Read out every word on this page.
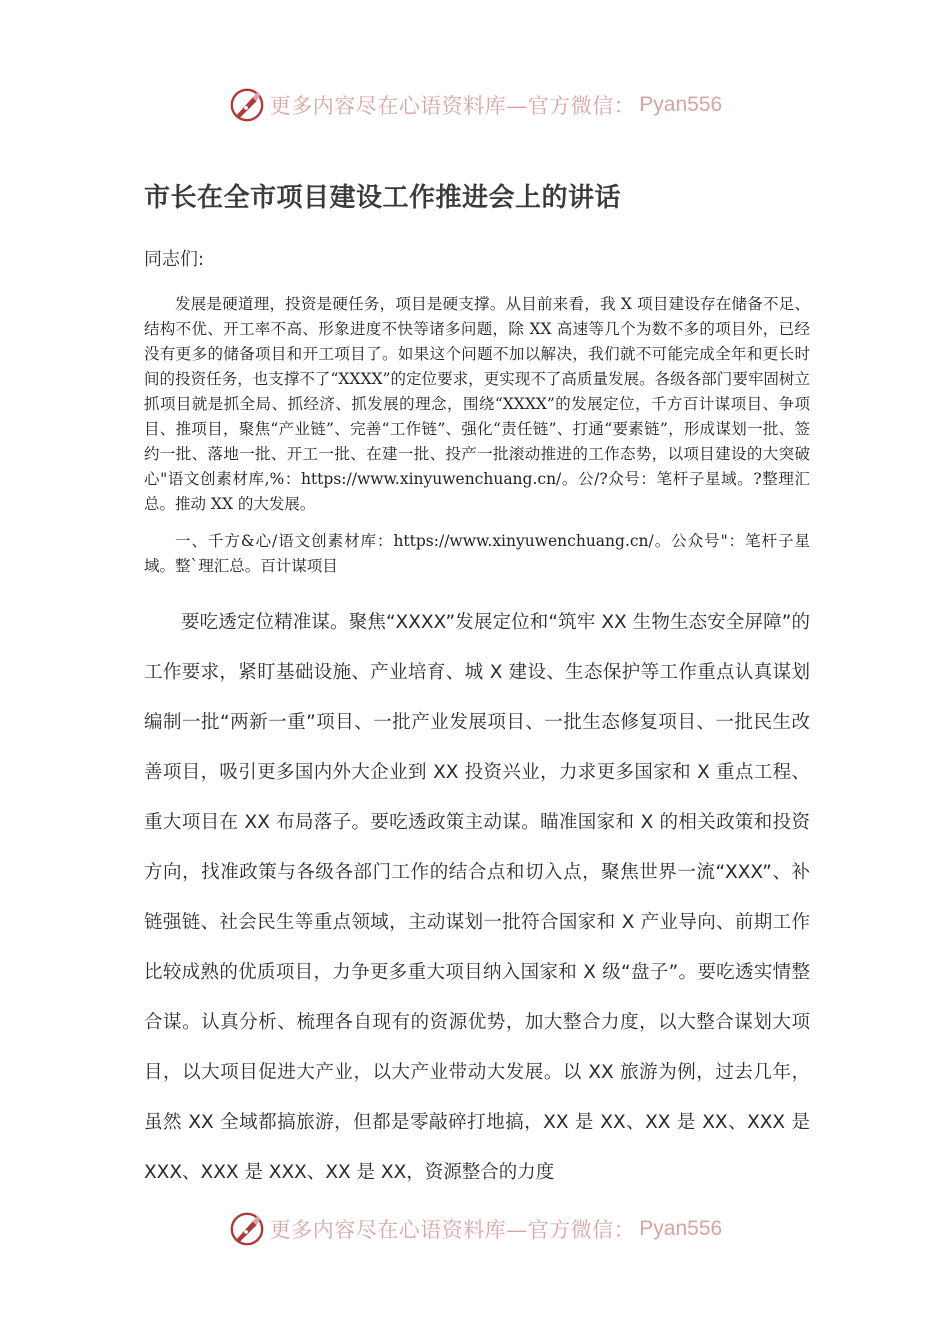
更多内容尽在心语资料库—官方微信： Pyan556
市长在全市项目建设工作推进会上的讲话
同志们:

发展是硬道理，投资是硬任务，项目是硬支撑。从目前来看，我 X 项目建设存在储备不足、结构不优、开工率不高、形象进度不快等诸多问题，除 XX 高速等几个为数不多的项目外，已经没有更多的储备项目和开工项目了。如果这个问题不加以解决，我们就不可能完成全年和更长时间的投资任务，也支撑不了“XXXX”的定位要求，更实现不了高质量发展。各级各部门要牢固树立抓项目就是抓全局、抓经济、抓发展的理念，围绕“XXXX”的发展定位，千方百计谋项目、争项目、推项目，聚焦“产业链”、完善“工作链”、强化“责任链”、打通“要素链”，形成谋划一批、签约一批、落地一批、开工一批、在建一批、投产一批滚动推进的工作态势，以项目建设的大突破心"语文创素材库,%：https://www.xinyuwenchuang.cn/。公/?众号：笔杆子星域。?整理汇总。推动 XX 的大发展。

一、千方&心/语文创素材库：https://www.xinyuwenchuang.cn/。公众号"：笔杆子星域。整`理汇总。百计谋项目

要吃透定位精准谋。聚焦“XXXX”发展定位和“筑牢 XX 生物生态安全屏障”的工作要求，紧盯基础设施、产业培育、城 X 建设、生态保护等工作重点认真谋划编制一批“两新一重”项目、一批产业发展项目、一批生态修复项目、一批民生改善项目，吸引更多国内外大企业到 XX 投资兴业，力求更多国家和 X 重点工程、重大项目在 XX 布局落子。要吃透政策主动谋。瞄准国家和 X 的相关政策和投资方向，找准政策与各级各部门工作的结合点和切入点，聚焦世界一流“XXX”、补链强链、社会民生等重点领域，主动谋划一批符合国家和 X 产业导向、前期工作比较成熟的优质项目，力争更多重大项目纳入国家和 X 级“盘子”。要吃透实情整合谋。认真分析、梳理各自现有的资源优势，加大整合力度，以大整合谋划大项目，以大项目促进大产业，以大产业带动大发展。以 XX 旅游为例，过去几年，虽然 XX 全域都搞旅游，但都是零敲碎打地搞，XX 是 XX、XX 是 XX、XXX 是 XXX、XXX 是 XXX、XX 是 XX，资源整合的力度

更多内容尽在心语资料库—官方微信： Pyan556
